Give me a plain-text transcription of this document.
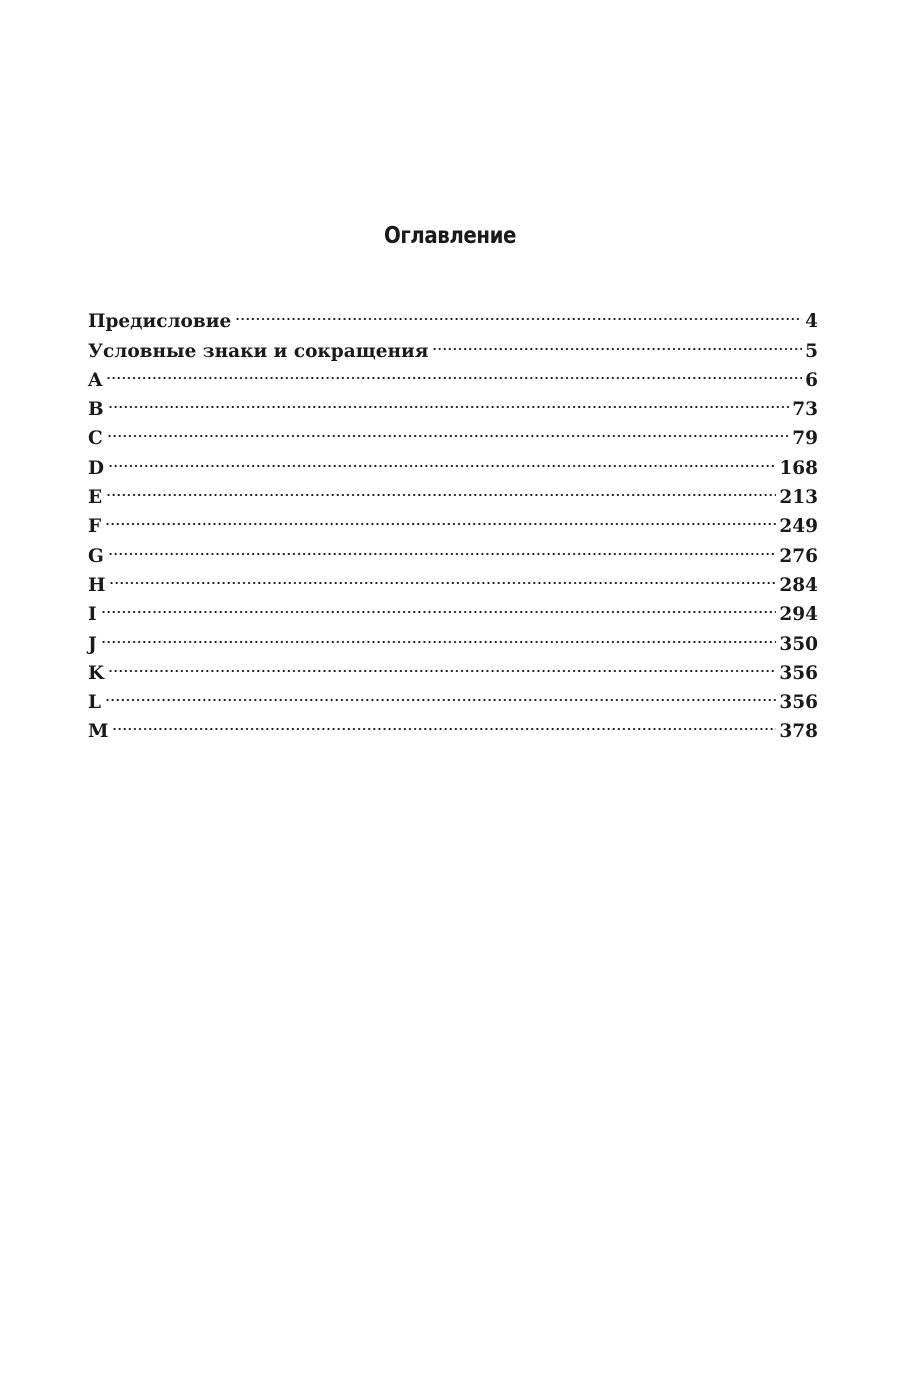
Оглавление
Предисловие	4
Условные знаки и сокращения	5
A	6
B	73
C	79
D	168
E	213
F	249
G	276
H	284
I	294
J	350
K	356
L	356
M	378
